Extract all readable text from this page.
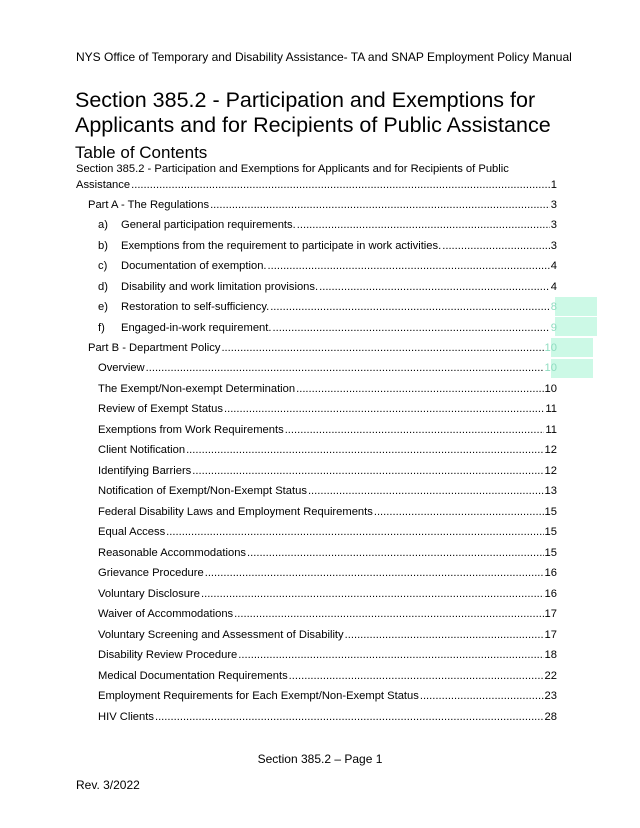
NYS Office of Temporary and Disability Assistance- TA and SNAP Employment Policy Manual
Section 385.2 - Participation and Exemptions for Applicants and for Recipients of Public Assistance
Table of Contents
Section 385.2 - Participation and Exemptions for Applicants and for Recipients of Public
Assistance .....	1
Part A - The Regulations .....	3
a)	General participation requirements. .....	3
b)	Exemptions from the requirement to participate in work activities. .....	3
c)	Documentation of exemption. .....	4
d)	Disability and work limitation provisions. .....	4
e)	Restoration to self-sufficiency. .....	8
f)	Engaged-in-work requirement. .....	9
Part B - Department Policy .....	10
Overview .....	10
The Exempt/Non-exempt Determination .....	10
Review of Exempt Status .....	11
Exemptions from Work Requirements .....	11
Client Notification .....	12
Identifying Barriers .....	12
Notification of Exempt/Non-Exempt Status .....	13
Federal Disability Laws and Employment Requirements .....	15
Equal Access .....	15
Reasonable Accommodations .....	15
Grievance Procedure .....	16
Voluntary Disclosure .....	16
Waiver of Accommodations .....	17
Voluntary Screening and Assessment of Disability .....	17
Disability Review Procedure .....	18
Medical Documentation Requirements .....	22
Employment Requirements for Each Exempt/Non-Exempt Status .....	23
HIV Clients .....	28
Section 385.2 – Page 1
Rev. 3/2022
